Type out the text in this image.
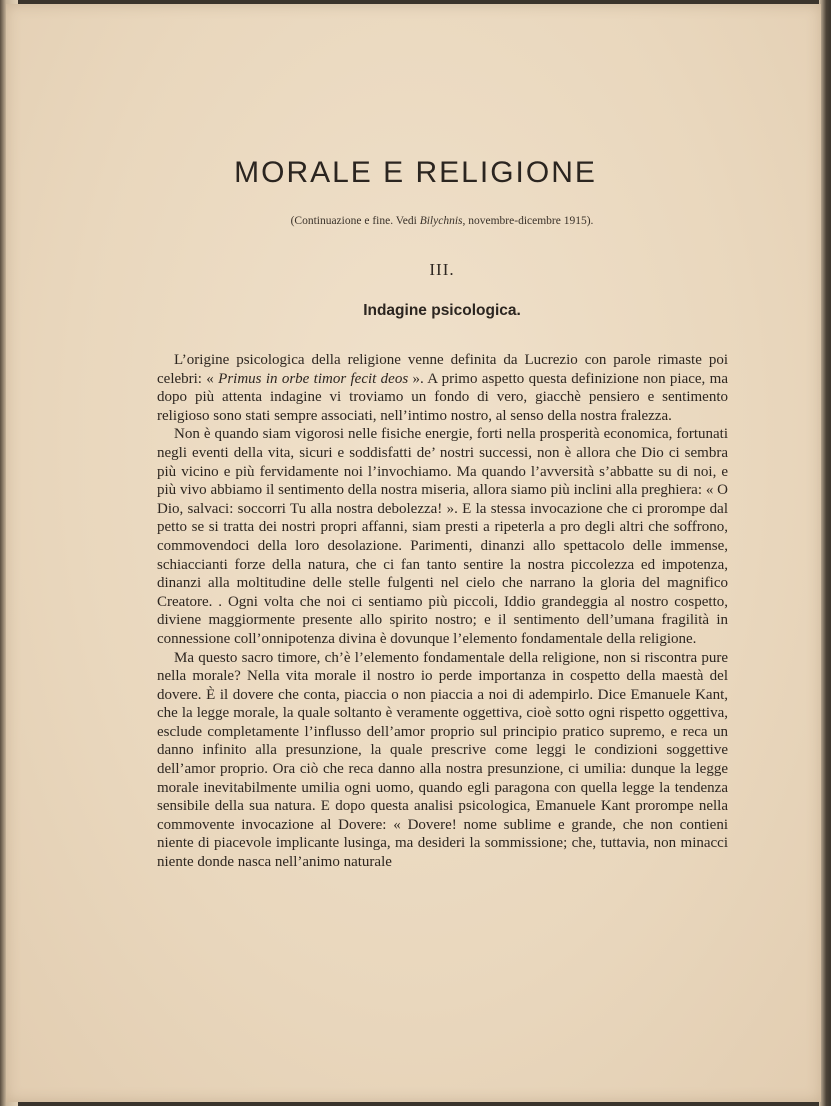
MORALE E RELIGIONE
(Continuazione e fine. Vedi Bilychnis, novembre-dicembre 1915).
III.
Indagine psicologica.

L’origine psicologica della religione venne definita da Lucrezio con parole rimaste poi celebri: « Primus in orbe timor fecit deos ». A primo aspetto questa definizione non piace, ma dopo più attenta indagine vi troviamo un fondo di vero, giacchè pensiero e sentimento religioso sono stati sempre associati, nell’intimo nostro, al senso della nostra fralezza.

Non è quando siam vigorosi nelle fisiche energie, forti nella prosperità economica, fortunati negli eventi della vita, sicuri e soddisfatti de’ nostri successi, non è allora che Dio ci sembra più vicino e più fervidamente noi l’invochiamo. Ma quando l’avversità s’abbatte su di noi, e più vivo abbiamo il sentimento della nostra miseria, allora siamo più inclini alla preghiera: « O Dio, salvaci: soccorri Tu alla nostra debolezza! ». E la stessa invocazione che ci prorompe dal petto se si tratta dei nostri propri affanni, siam presti a ripeterla a pro degli altri che soffrono, commovendoci della loro desolazione. Parimenti, dinanzi allo spettacolo delle immense, schiaccianti forze della natura, che ci fan tanto sentire la nostra piccolezza ed impotenza, dinanzi alla moltitudine delle stelle fulgenti nel cielo che narrano la gloria del magnifico Creatore. . Ogni volta che noi ci sentiamo più piccoli, Iddio grandeggia al nostro cospetto, diviene maggiormente presente allo spirito nostro; e il sentimento dell’umana fragilità in connessione coll’onnipotenza divina è dovunque l’elemento fondamentale della religione.

Ma questo sacro timore, ch’è l’elemento fondamentale della religione, non si riscontra pure nella morale? Nella vita morale il nostro io perde importanza in cospetto della maestà del dovere. È il dovere che conta, piaccia o non piaccia a noi di adempirlo. Dice Emanuele Kant, che la legge morale, la quale soltanto è veramente oggettiva, cioè sotto ogni rispetto oggettiva, esclude completamente l’influsso dell’amor proprio sul principio pratico supremo, e reca un danno infinito alla presunzione, la quale prescrive come leggi le condizioni soggettive dell’amor proprio. Ora ciò che reca danno alla nostra presunzione, ci umilia: dunque la legge morale inevitabilmente umilia ogni uomo, quando egli paragona con quella legge la tendenza sensibile della sua natura. E dopo questa analisi psicologica, Emanuele Kant prorompe nella commovente invocazione al Dovere: « Dovere! nome sublime e grande, che non contieni niente di piacevole implicante lusinga, ma desideri la sommissione; che, tuttavia, non minacci niente donde nasca nell’animo naturale
